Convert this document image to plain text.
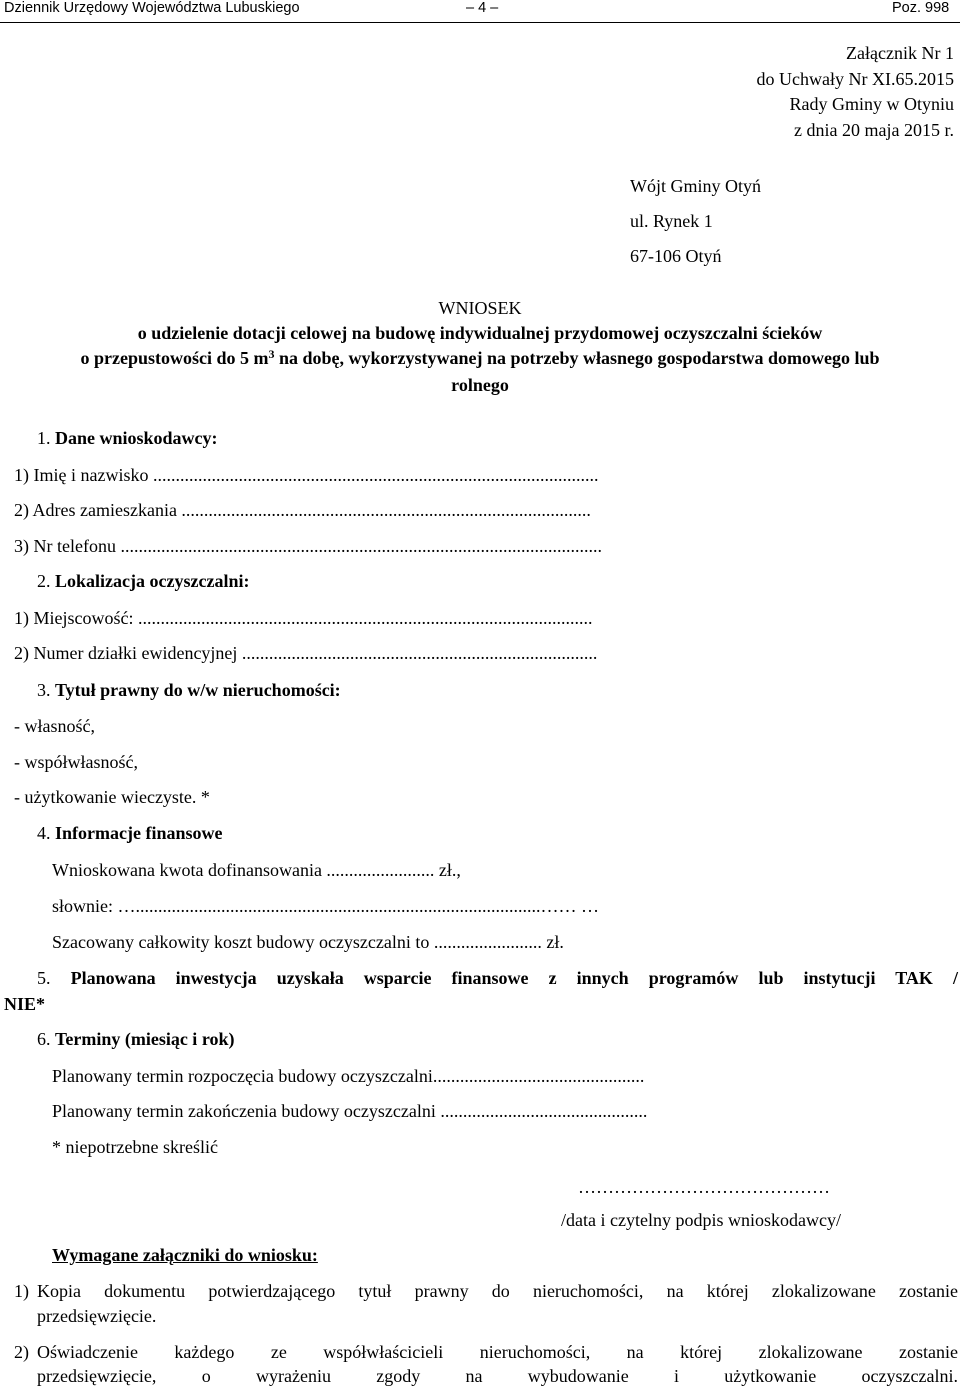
Dziennik Urzędowy Województwa Lubuskiego	– 4 –	Poz. 998
Załącznik Nr 1
do Uchwały Nr XI.65.2015
Rady Gminy w Otyniu
z dnia 20 maja 2015 r.
Wójt Gminy Otyń
ul. Rynek 1
67-106 Otyń
WNIOSEK
o udzielenie dotacji celowej na budowę indywidualnej przydomowej oczyszczalni ścieków
o przepustowości do 5 $m^3$ na dobę, wykorzystywanej na potrzeby własnego gospodarstwa domowego lub
rolnego
1. Dane wnioskodawcy:
1) Imię i nazwisko ...................................................................................................
2) Adres zamieszkania ...........................................................................................
3) Nr telefonu ...........................................................................................................
2. Lokalizacja oczyszczalni:
1) Miejscowość: .....................................................................................................
2) Numer działki ewidencyjnej ...............................................................................
3. Tytuł prawny do w/w nieruchomości:
- własność,
- współwłasność,
- użytkowanie wieczyste. *
4. Informacje finansowe
Wnioskowana kwota dofinansowania ........................ zł.,
słownie: …..........................................................................................…… …
Szacowany całkowity koszt budowy oczyszczalni to ........................ zł.
5. Planowana inwestycja uzyskała wsparcie finansowe z innych programów lub instytucji TAK /
NIE*
6. Terminy (miesiąc i rok)
Planowany termin rozpoczęcia budowy oczyszczalni...............................................
Planowany termin zakończenia budowy oczyszczalni ..............................................
* niepotrzebne skreślić
……………………………………
/data i czytelny podpis wnioskodawcy/
Wymagane załączniki do wniosku:
1) Kopia dokumentu potwierdzającego tytuł prawny do nieruchomości, na której zlokalizowane zostanie
przedsięwzięcie.
2) Oświadczenie każdego ze współwłaścicieli nieruchomości, na której zlokalizowane zostanie
przedsięwzięcie, o wyrażeniu zgody na wybudowanie i użytkowanie oczyszczalni.
